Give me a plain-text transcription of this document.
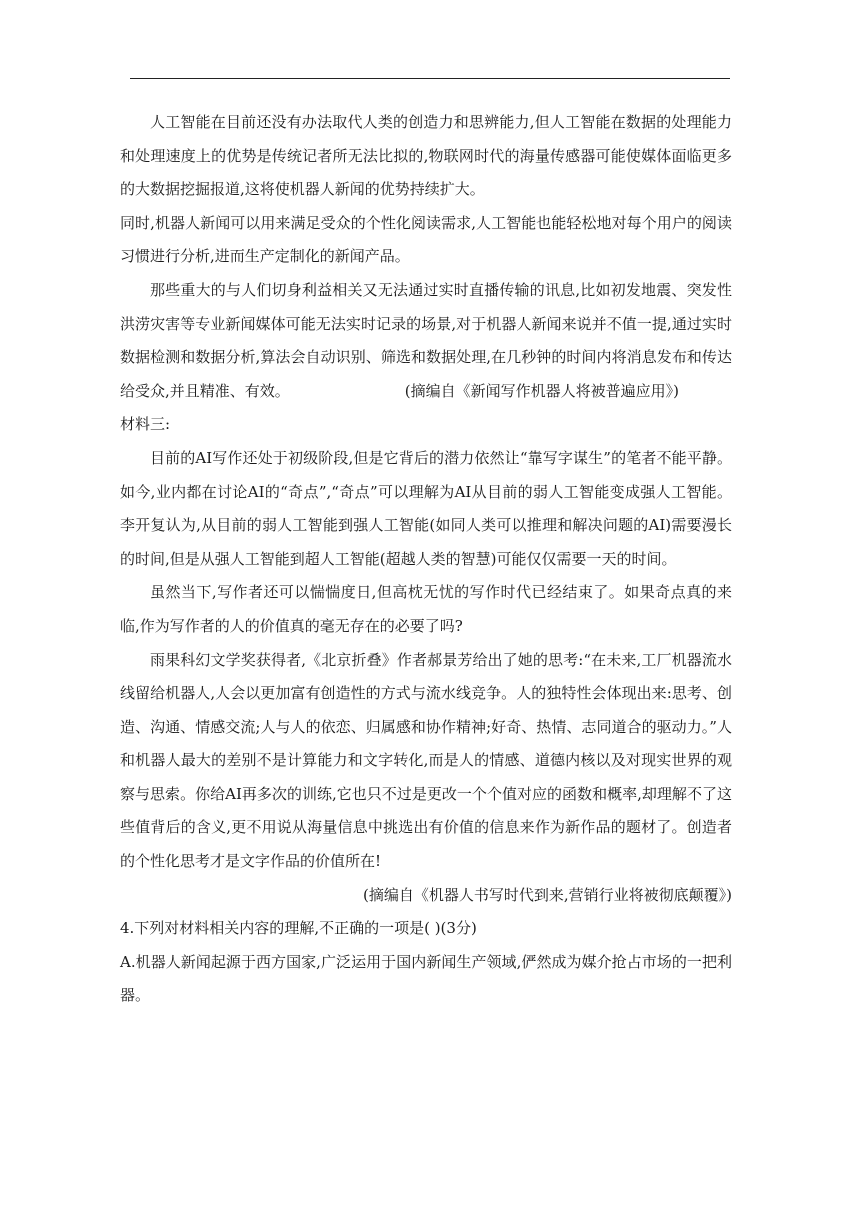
人工智能在目前还没有办法取代人类的创造力和思辨能力,但人工智能在数据的处理能力和处理速度上的优势是传统记者所无法比拟的,物联网时代的海量传感器可能使媒体面临更多的大数据挖掘报道,这将使机器人新闻的优势持续扩大。

同时,机器人新闻可以用来满足受众的个性化阅读需求,人工智能也能轻松地对每个用户的阅读习惯进行分析,进而生产定制化的新闻产品。

那些重大的与人们切身利益相关又无法通过实时直播传输的讯息,比如初发地震、突发性洪涝灾害等专业新闻媒体可能无法实时记录的场景,对于机器人新闻来说并不值一提,通过实时数据检测和数据分析,算法会自动识别、筛选和数据处理,在几秒钟的时间内将消息发布和传达给受众,并且精准、有效。	(摘编自《新闻写作机器人将被普遍应用》)

材料三:

目前的AI写作还处于初级阶段,但是它背后的潜力依然让“靠写字谋生”的笔者不能平静。如今,业内都在讨论AI的“奇点”,“奇点”可以理解为AI从目前的弱人工智能变成强人工智能。李开复认为,从目前的弱人工智能到强人工智能(如同人类可以推理和解决问题的AI)需要漫长的时间,但是从强人工智能到超人工智能(超越人类的智慧)可能仅仅需要一天的时间。

虽然当下,写作者还可以惴惴度日,但高枕无忧的写作时代已经结束了。如果奇点真的来临,作为写作者的人的价值真的毫无存在的必要了吗?

雨果科幻文学奖获得者,《北京折叠》作者郝景芳给出了她的思考:“在未来,工厂机器流水线留给机器人,人会以更加富有创造性的方式与流水线竞争。人的独特性会体现出来:思考、创造、沟通、情感交流;人与人的依恋、归属感和协作精神;好奇、热情、志同道合的驱动力。”人和机器人最大的差别不是计算能力和文字转化,而是人的情感、道德内核以及对现实世界的观察与思索。你给AI再多次的训练,它也只不过是更改一个个值对应的函数和概率,却理解不了这些值背后的含义,更不用说从海量信息中挑选出有价值的信息来作为新作品的题材了。创造者的个性化思考才是文字作品的价值所在!

(摘编自《机器人书写时代到来,营销行业将被彻底颠覆》)

4.下列对材料相关内容的理解,不正确的一项是( )(3分)

A.机器人新闻起源于西方国家,广泛运用于国内新闻生产领域,俨然成为媒介抢占市场的一把利器。
